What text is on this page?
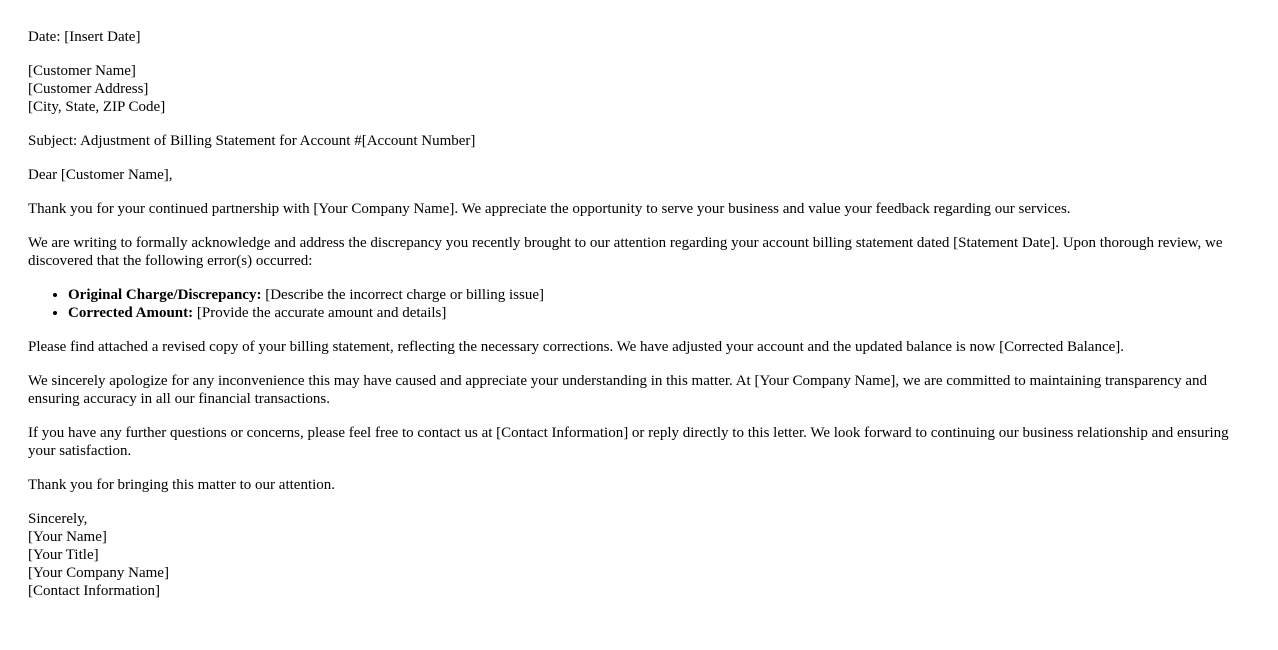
Date: [Insert Date]

[Customer Name]
[Customer Address]
[City, State, ZIP Code]

Subject: Adjustment of Billing Statement for Account #[Account Number]

Dear [Customer Name],

Thank you for your continued partnership with [Your Company Name]. We appreciate the opportunity to serve your business and value your feedback regarding our services.

We are writing to formally acknowledge and address the discrepancy you recently brought to our attention regarding your account billing statement dated [Statement Date]. Upon thorough review, we discovered that the following error(s) occurred:

• Original Charge/Discrepancy: [Describe the incorrect charge or billing issue]
• Corrected Amount: [Provide the accurate amount and details]

Please find attached a revised copy of your billing statement, reflecting the necessary corrections. We have adjusted your account and the updated balance is now [Corrected Balance].

We sincerely apologize for any inconvenience this may have caused and appreciate your understanding in this matter. At [Your Company Name], we are committed to maintaining transparency and ensuring accuracy in all our financial transactions.

If you have any further questions or concerns, please feel free to contact us at [Contact Information] or reply directly to this letter. We look forward to continuing our business relationship and ensuring your satisfaction.

Thank you for bringing this matter to our attention.

Sincerely,
[Your Name]
[Your Title]
[Your Company Name]
[Contact Information]
